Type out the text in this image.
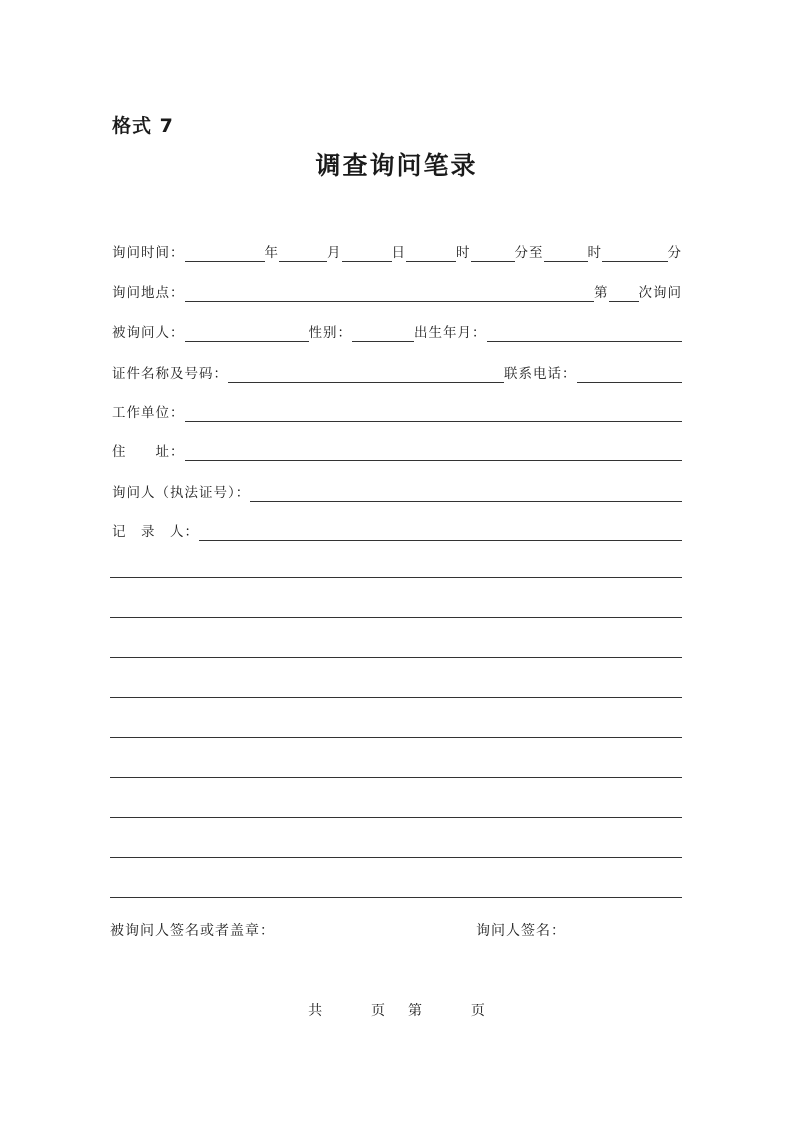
格式 7
调查询问笔录
询问时间：	年	月	日	时	分至	时	分
询问地点：	第 次询问
被询问人：	性别：	出生年月：
证件名称及号码：	联系电话：
工作单位：
住　　址：
询问人（执法证号）：
记　录　人：
被询问人签名或者盖章：	询问人签名：
共	页 第	页
